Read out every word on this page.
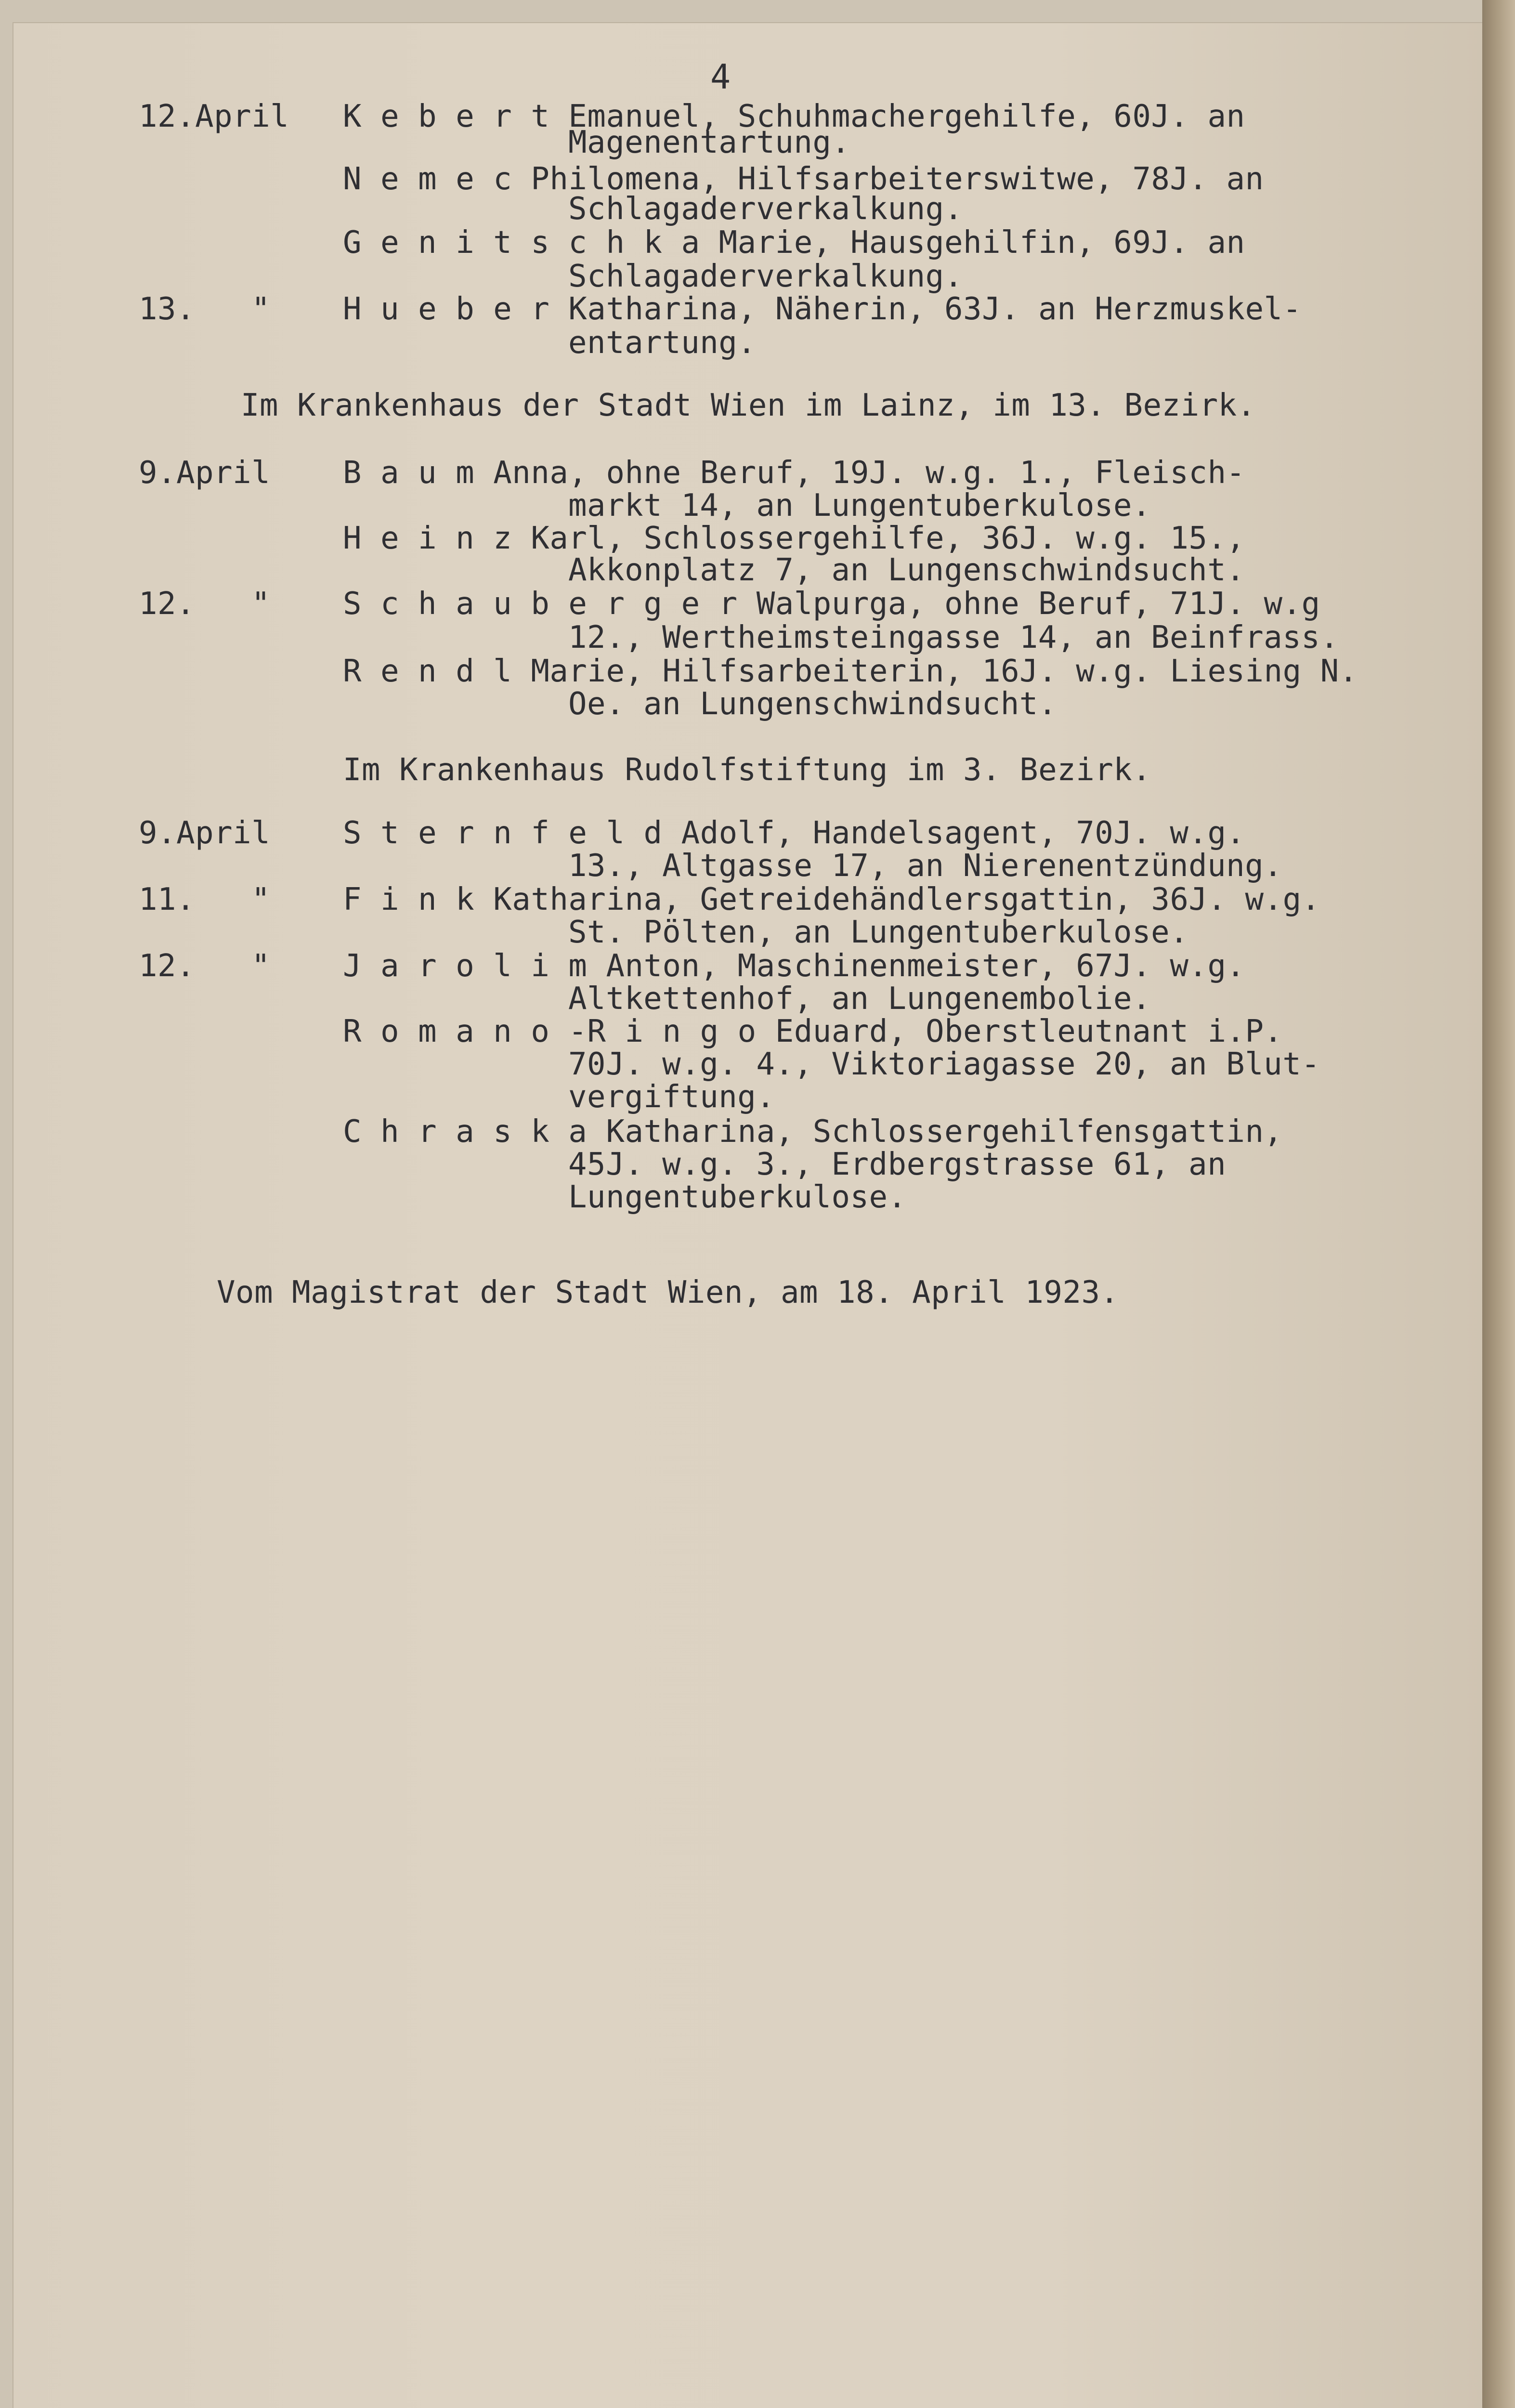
4
12.April K e b e r t Emanuel, Schuhmachergehilfe, 60J. an
Magenentartung.
N e m e c Philomena, Hilfsarbeiterswitwe, 78J. an
Schlagaderverkalkung.
G e n i t s c h k a Marie, Hausgehilfin, 69J. an
Schlagaderverkalkung.
13.   " H u e b e r Katharina, Näherin, 63J. an Herzmuskel-
entartung.
Im Krankenhaus der Stadt Wien im Lainz, im 13. Bezirk.
9.April B a u m Anna, ohne Beruf, 19J. w.g. 1., Fleisch-
markt 14, an Lungentuberkulose.
H e i n z Karl, Schlossergehilfe, 36J. w.g. 15.,
Akkonplatz 7, an Lungenschwindsucht.
12.   " S c h a u b e r g e r Walpurga, ohne Beruf, 71J. w.g
12., Wertheimsteingasse 14, an Beinfrass.
R e n d l Marie, Hilfsarbeiterin, 16J. w.g. Liesing N.
Oe. an Lungenschwindsucht.
Im Krankenhaus Rudolfstiftung im 3. Bezirk.
9.April S t e r n f e l d Adolf, Handelsagent, 70J. w.g.
13., Altgasse 17, an Nierenentzündung.
11.   " F i n k Katharina, Getreidehändlersgattin, 36J. w.g.
St. Pölten, an Lungentuberkulose.
12.   " J a r o l i m Anton, Maschinenmeister, 67J. w.g.
Altkettenhof, an Lungenembolie.
R o m a n o -R i n g o Eduard, Oberstleutnant i.P.
70J. w.g. 4., Viktoriagasse 20, an Blut-
vergiftung.
C h r a s k a Katharina, Schlossergehilfensgattin,
45J. w.g. 3., Erdbergstrasse 61, an
Lungentuberkulose.
Vom Magistrat der Stadt Wien, am 18. April 1923.
